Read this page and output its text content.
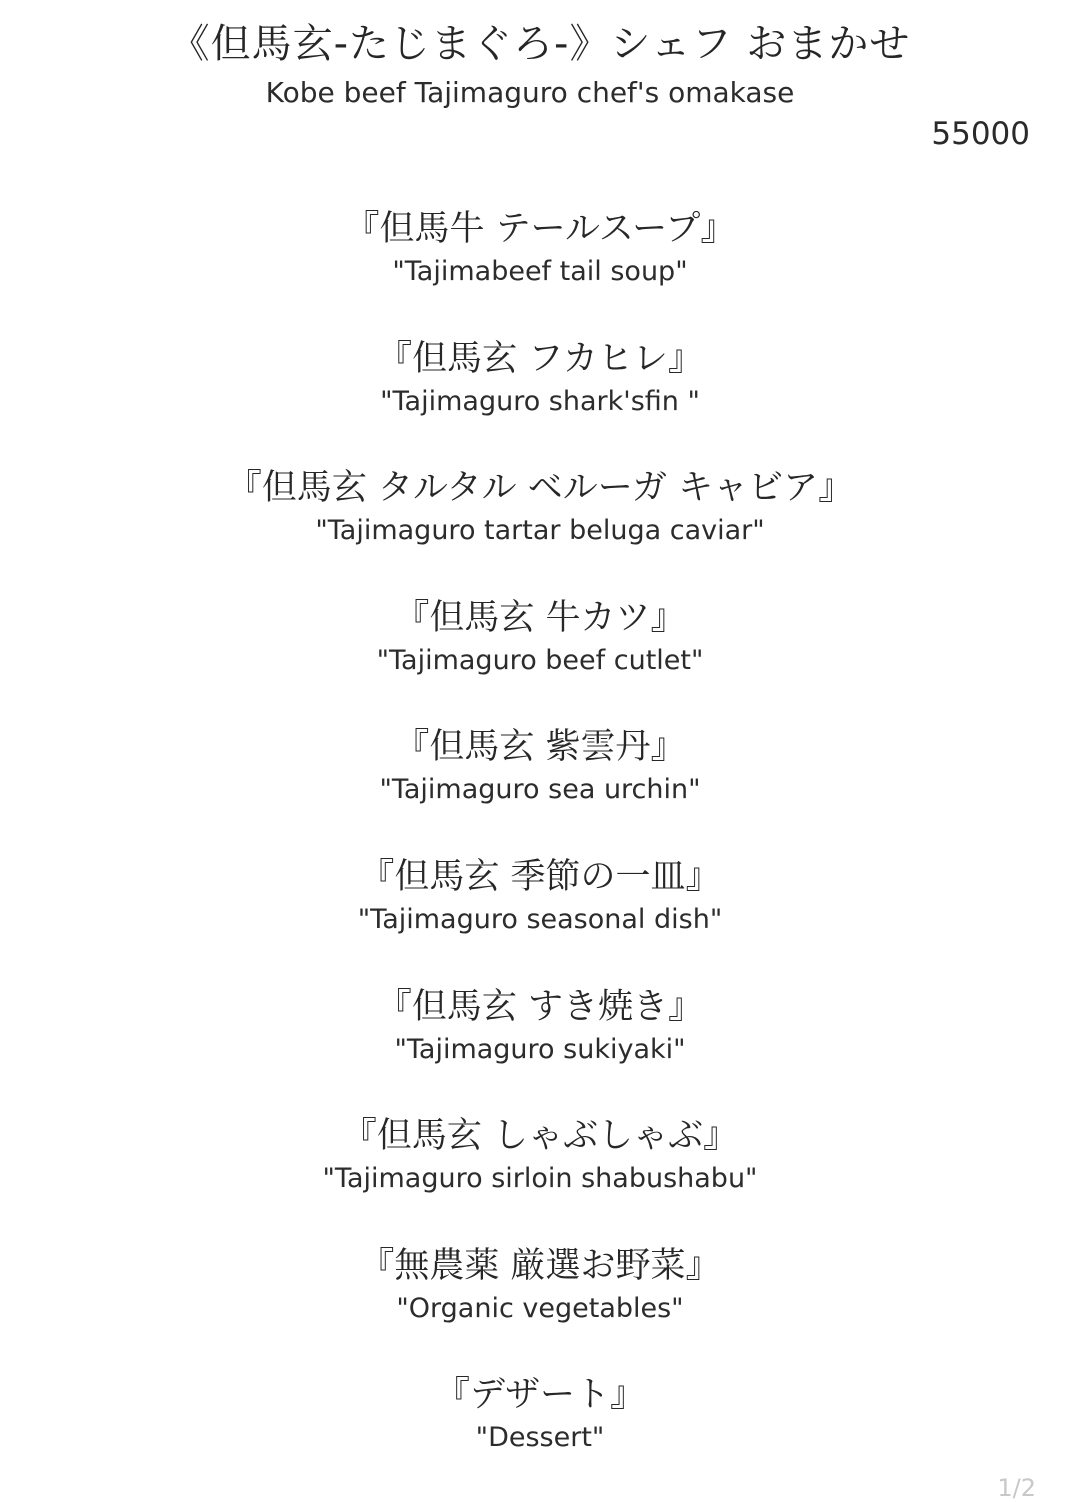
《但馬玄-たじまぐろ-》シェフ おまかせ
Kobe beef Tajimaguro chef's omakase
55000
『但馬牛 テールスープ』
"Tajimabeef tail soup"
『但馬玄 フカヒレ』
"Tajimaguro shark'sfin "
『但馬玄 タルタル ベルーガ キャビア』
"Tajimaguro tartar beluga caviar"
『但馬玄 牛カツ』
"Tajimaguro beef cutlet"
『但馬玄 紫雲丹』
"Tajimaguro sea urchin"
『但馬玄 季節の一皿』
"Tajimaguro seasonal dish"
『但馬玄 すき焼き』
"Tajimaguro sukiyaki"
『但馬玄 しゃぶしゃぶ』
"Tajimaguro sirloin shabushabu"
『無農薬 厳選お野菜』
"Organic vegetables"
『デザート』
"Dessert"
1/2
